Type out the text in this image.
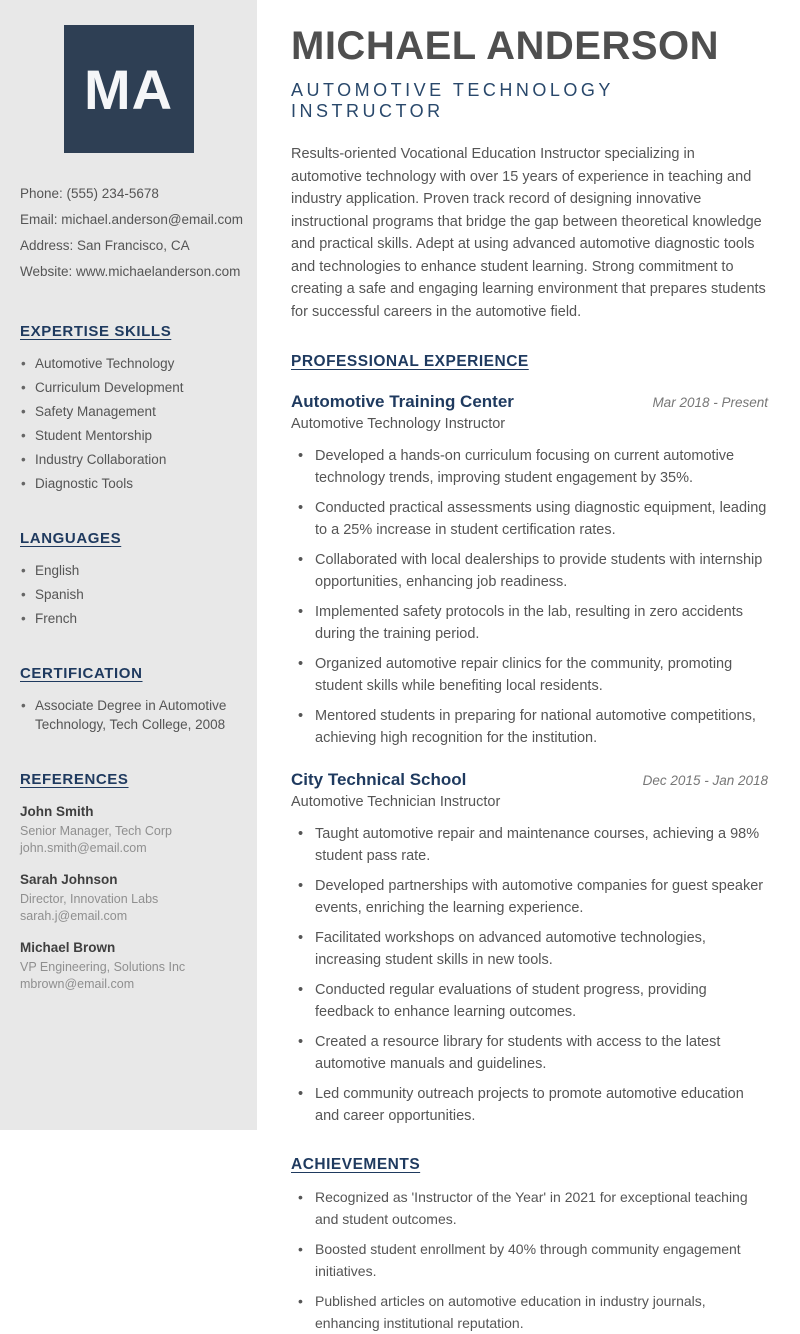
MA
Phone: (555) 234-5678
Email: michael.anderson@email.com
Address: San Francisco, CA
Website: www.michaelanderson.com
EXPERTISE SKILLS
• Automotive Technology
• Curriculum Development
• Safety Management
• Student Mentorship
• Industry Collaboration
• Diagnostic Tools
LANGUAGES
• English
• Spanish
• French
CERTIFICATION
• Associate Degree in Automotive Technology, Tech College, 2008
REFERENCES
John Smith
Senior Manager, Tech Corp
john.smith@email.com
Sarah Johnson
Director, Innovation Labs
sarah.j@email.com
Michael Brown
VP Engineering, Solutions Inc
mbrown@email.com
MICHAEL ANDERSON
AUTOMOTIVE TECHNOLOGY INSTRUCTOR

Results-oriented Vocational Education Instructor specializing in automotive technology with over 15 years of experience in teaching and industry application. Proven track record of designing innovative instructional programs that bridge the gap between theoretical knowledge and practical skills. Adept at using advanced automotive diagnostic tools and technologies to enhance student learning. Strong commitment to creating a safe and engaging learning environment that prepares students for successful careers in the automotive field.

PROFESSIONAL EXPERIENCE
Automotive Training Center	Mar 2018 - Present
Automotive Technology Instructor
• Developed a hands-on curriculum focusing on current automotive technology trends, improving student engagement by 35%.
• Conducted practical assessments using diagnostic equipment, leading to a 25% increase in student certification rates.
• Collaborated with local dealerships to provide students with internship opportunities, enhancing job readiness.
• Implemented safety protocols in the lab, resulting in zero accidents during the training period.
• Organized automotive repair clinics for the community, promoting student skills while benefiting local residents.
• Mentored students in preparing for national automotive competitions, achieving high recognition for the institution.
City Technical School	Dec 2015 - Jan 2018
Automotive Technician Instructor
• Taught automotive repair and maintenance courses, achieving a 98% student pass rate.
• Developed partnerships with automotive companies for guest speaker events, enriching the learning experience.
• Facilitated workshops on advanced automotive technologies, increasing student skills in new tools.
• Conducted regular evaluations of student progress, providing feedback to enhance learning outcomes.
• Created a resource library for students with access to the latest automotive manuals and guidelines.
• Led community outreach projects to promote automotive education and career opportunities.
ACHIEVEMENTS
• Recognized as 'Instructor of the Year' in 2021 for exceptional teaching and student outcomes.
• Boosted student enrollment by 40% through community engagement initiatives.
• Published articles on automotive education in industry journals, enhancing institutional reputation.
